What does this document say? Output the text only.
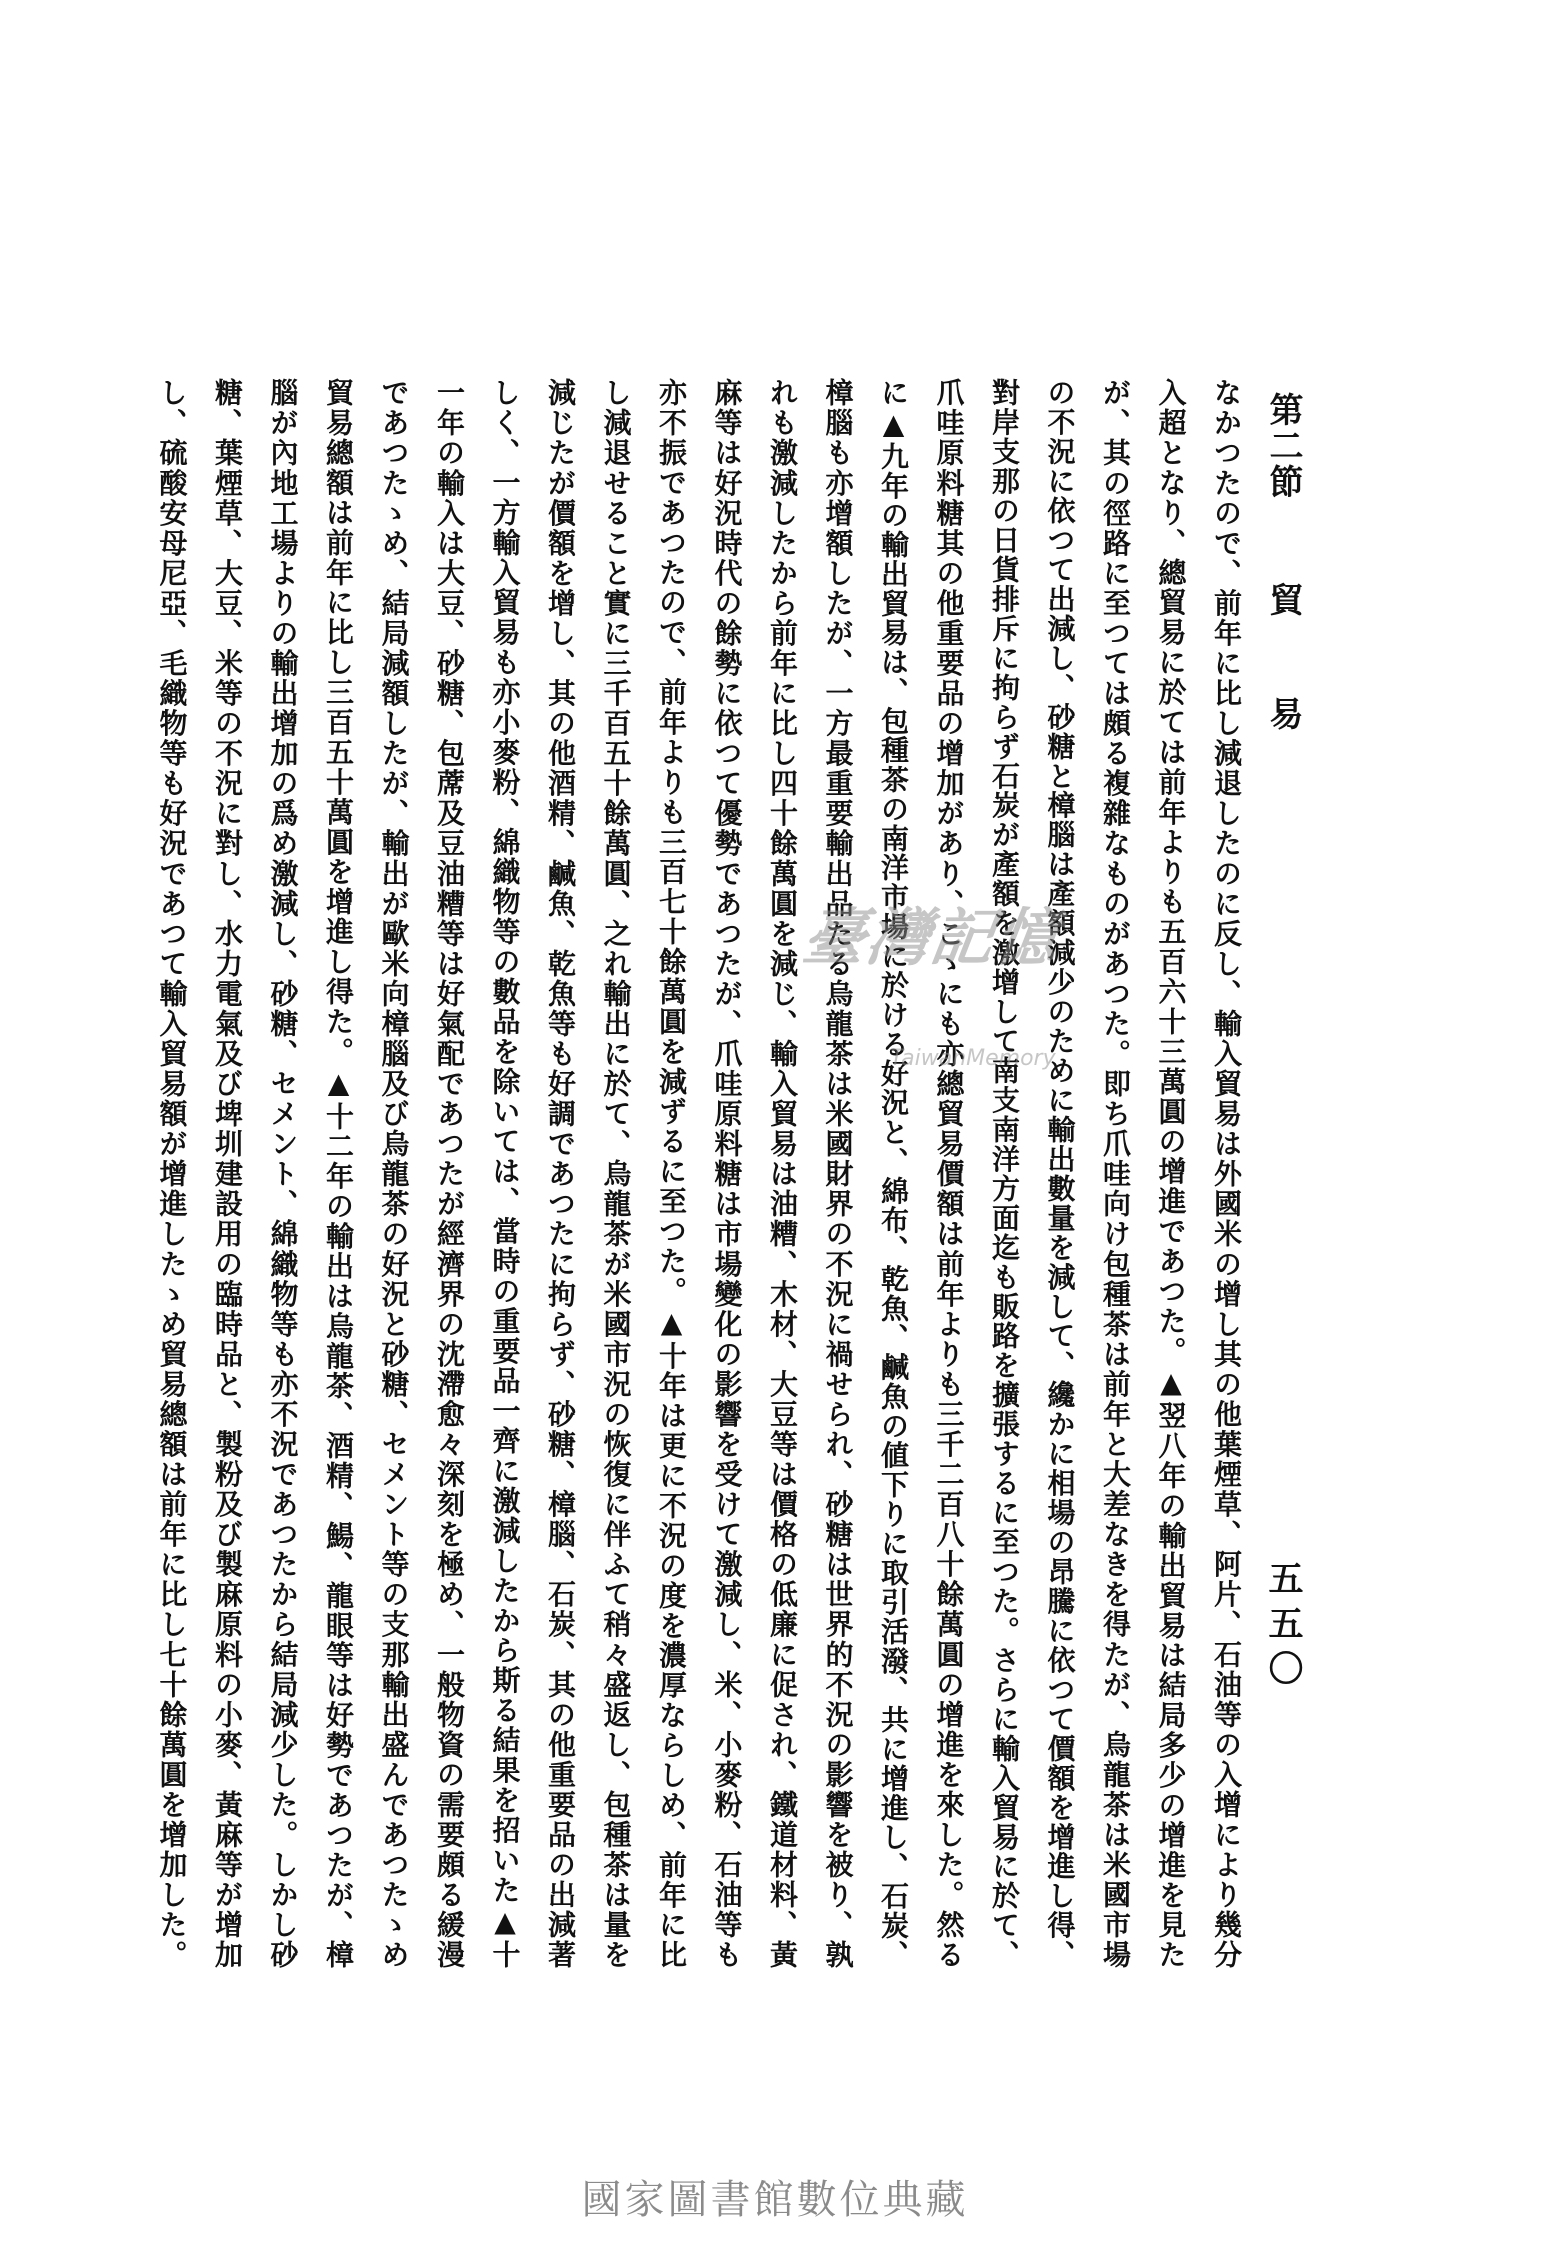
第二節
貿易
五五〇
なかつたので、前年に比し減退したのに反し、輸入貿易は外國米の增し其の他葉煙草、阿片、石油等の入增により幾分
入超となり、總貿易に於ては前年よりも五百六十三萬圓の增進であつた。▲翌八年の輸出貿易は結局多少の增進を見た
が、其の徑路に至つては頗る複雜なものがあつた。即ち爪哇向け包種茶は前年と大差なきを得たが、烏龍茶は米國市場
の不況に依つて出減し、砂糖と樟腦は產額減少のために輸出數量を減して、纔かに相場の昂騰に依つて價額を增進し得、
對岸支那の日貨排斥に拘らず石炭が產額を激增して南支南洋方面迄も販路を擴張するに至つた。さらに輸入貿易に於て、
爪哇原料糖其の他重要品の增加があり、こゝにも亦總貿易價額は前年よりも三千二百八十餘萬圓の增進を來した。然る
に▲九年の輸出貿易は、包種茶の南洋市場に於ける好況と、綿布、乾魚、鹹魚の値下りに取引活潑、共に增進し、石炭、
樟腦も亦增額したが、一方最重要輸出品たる烏龍茶は米國財界の不況に禍せられ、砂糖は世界的不況の影響を被り、孰
れも激減したから前年に比し四十餘萬圓を減じ、輸入貿易は油糟、木材、大豆等は價格の低廉に促され、鐵道材料、黃
麻等は好況時代の餘勢に依つて優勢であつたが、爪哇原料糖は市場變化の影響を受けて激減し、米、小麥粉、石油等も
亦不振であつたので、前年よりも三百七十餘萬圓を減ずるに至つた。▲十年は更に不況の度を濃厚ならしめ、前年に比
し減退せること實に三千百五十餘萬圓、之れ輸出に於て、烏龍茶が米國市況の恢復に伴ふて稍々盛返し、包種茶は量を
減じたが價額を增し、其の他酒精、鹹魚、乾魚等も好調であつたに拘らず、砂糖、樟腦、石炭、其の他重要品の出減著
しく、一方輸入貿易も亦小麥粉、綿織物等の數品を除いては、當時の重要品一齊に激減したから斯る結果を招いた▲十
一年の輸入は大豆、砂糖、包蓆及豆油糟等は好氣配であつたが經濟界の沈滯愈々深刻を極め、一般物資の需要頗る緩漫
であつたゝめ、結局減額したが、輸出が歐米向樟腦及び烏龍茶の好況と砂糖、セメント等の支那輸出盛んであつたゝめ
貿易總額は前年に比し三百五十萬圓を增進し得た。▲十二年の輸出は烏龍茶、酒精、鰑、龍眼等は好勢であつたが、樟
腦が內地工場よりの輸出增加の爲め激減し、砂糖、セメント、綿織物等も亦不況であつたから結局減少した。しかし砂
糖、葉煙草、大豆、米等の不況に對し、水力電氣及び埤圳建設用の臨時品と、製粉及び製麻原料の小麥、黃麻等が增加
し、硫酸安母尼亞、毛織物等も好況であつて輸入貿易額が增進したゝめ貿易總額は前年に比し七十餘萬圓を增加した。	臺灣記憶
TaiwanMemory
國家圖書館數位典藏
